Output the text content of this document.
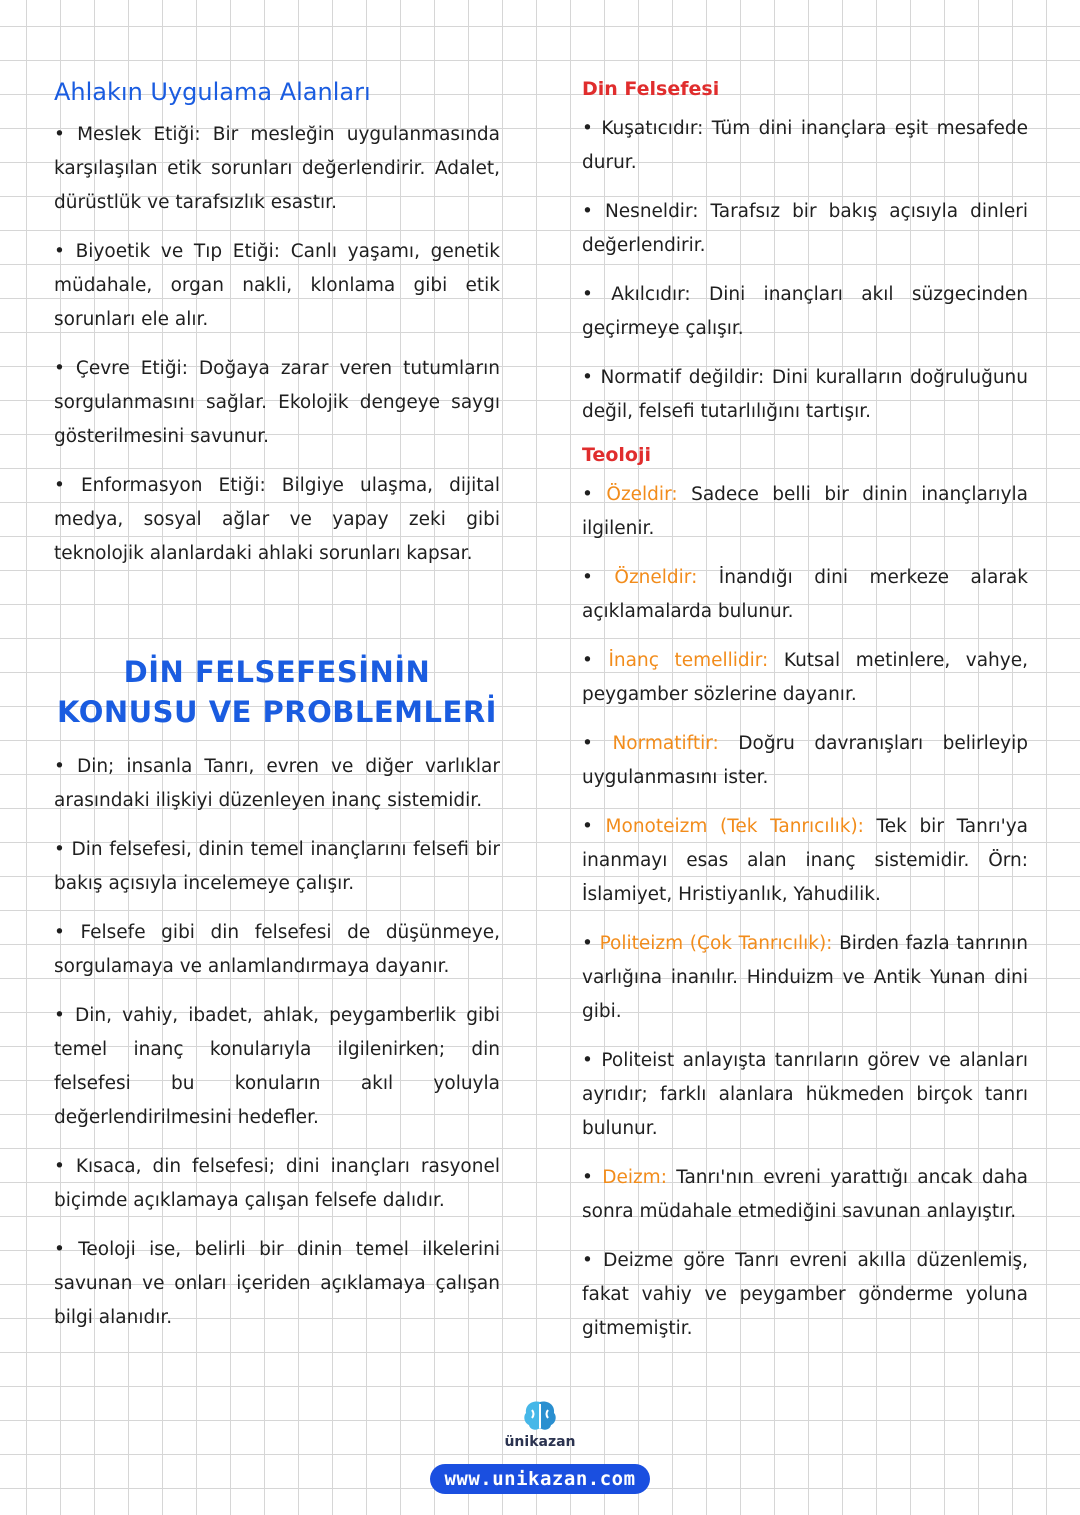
Ahlakın Uygulama Alanları

• Meslek Etiği: Bir mesleğin uygulanmasında karşılaşılan etik sorunları değerlendirir. Adalet, dürüstlük ve tarafsızlık esastır.

• Biyoetik ve Tıp Etiği: Canlı yaşamı, genetik müdahale, organ nakli, klonlama gibi etik sorunları ele alır.

• Çevre Etiği: Doğaya zarar veren tutumların sorgulanmasını sağlar. Ekolojik dengeye saygı gösterilmesini savunur.

• Enformasyon Etiği: Bilgiye ulaşma, dijital medya, sosyal ağlar ve yapay zeki gibi teknolojik alanlardaki ahlaki sorunları kapsar.

DİN FELSEFESİNİN KONUSU VE PROBLEMLERİ

• Din; insanla Tanrı, evren ve diğer varlıklar arasındaki ilişkiyi düzenleyen inanç sistemidir.

• Din felsefesi, dinin temel inançlarını felsefi bir bakış açısıyla incelemeye çalışır.

• Felsefe gibi din felsefesi de düşünmeye, sorgulamaya ve anlamlandırmaya dayanır.

• Din, vahiy, ibadet, ahlak, peygamberlik gibi temel inanç konularıyla ilgilenirken; din felsefesi bu konuların akıl yoluyla değerlendirilmesini hedefler.

• Kısaca, din felsefesi; dini inançları rasyonel biçimde açıklamaya çalışan felsefe dalıdır.

• Teoloji ise, belirli bir dinin temel ilkelerini savunan ve onları içeriden açıklamaya çalışan bilgi alanıdır.

Din Felsefesi

• Kuşatıcıdır: Tüm dini inançlara eşit mesafede durur.

• Nesneldir: Tarafsız bir bakış açısıyla dinleri değerlendirir.

• Akılcıdır: Dini inançları akıl süzgecinden geçirmeye çalışır.

• Normatif değildir: Dini kuralların doğruluğunu değil, felsefi tutarlılığını tartışır.

Teoloji

• Özeldir: Sadece belli bir dinin inançlarıyla ilgilenir.

• Özneldir: İnandığı dini merkeze alarak açıklamalarda bulunur.

• İnanç temellidir: Kutsal metinlere, vahye, peygamber sözlerine dayanır.

• Normatiftir: Doğru davranışları belirleyip uygulanmasını ister.

• Monoteizm (Tek Tanrıcılık): Tek bir Tanrı'ya inanmayı esas alan inanç sistemidir. Örn: İslamiyet, Hristiyanlık, Yahudilik.

• Politeizm (Çok Tanrıcılık): Birden fazla tanrının varlığına inanılır. Hinduizm ve Antik Yunan dini gibi.

• Politeist anlayışta tanrıların görev ve alanları ayrıdır; farklı alanlara hükmeden birçok tanrı bulunur.

• Deizm: Tanrı'nın evreni yarattığı ancak daha sonra müdahale etmediğini savunan anlayıştır.

• Deizme göre Tanrı evreni akılla düzenlemiş, fakat vahiy ve peygamber gönderme yoluna gitmemiştir.

ünikazan
www.unikazan.com
